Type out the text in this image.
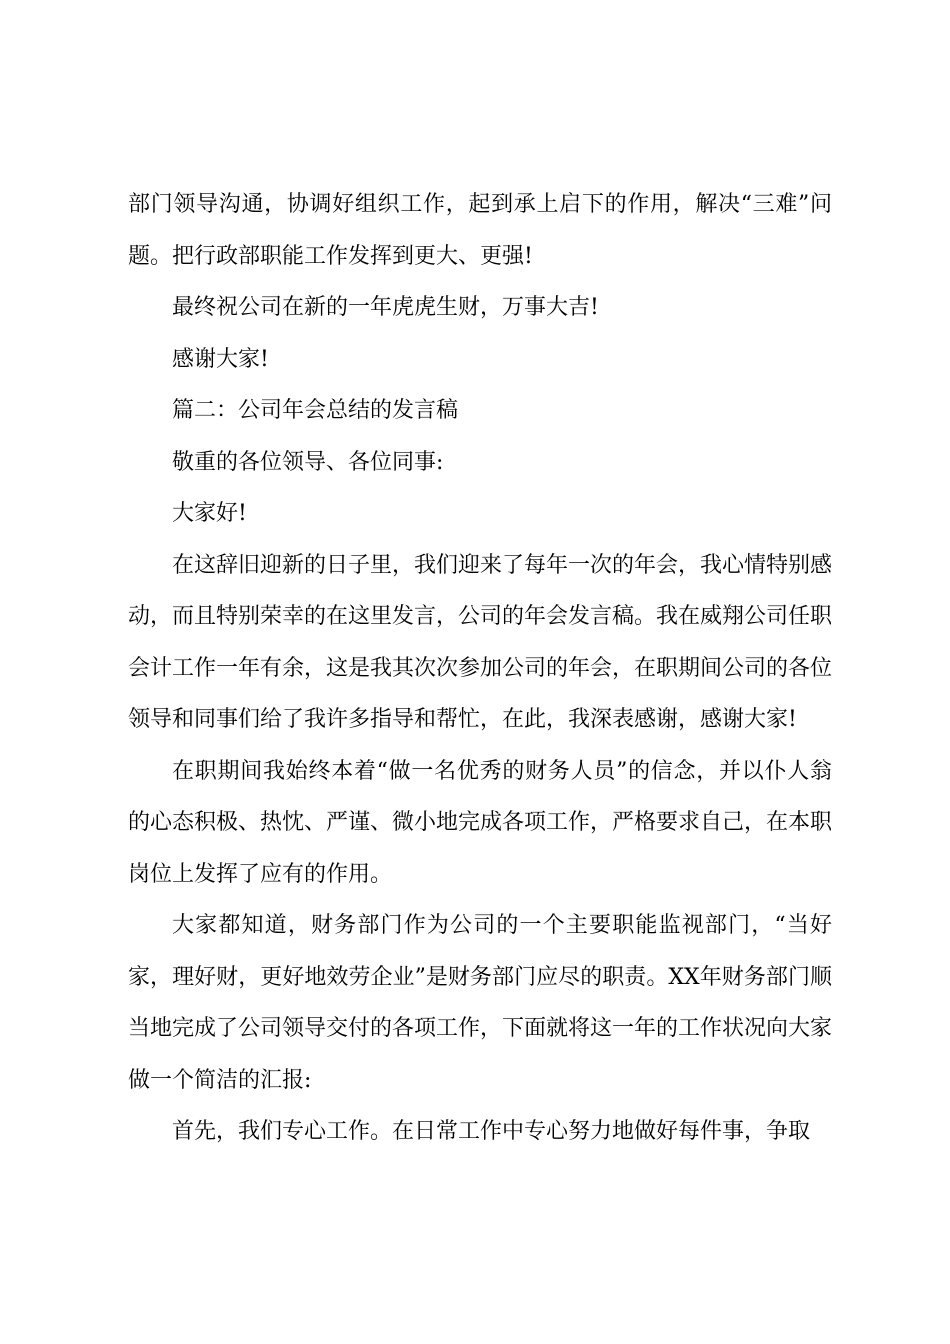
部门领导沟通，协调好组织工作，起到承上启下的作用，解决“三难”问题。把行政部职能工作发挥到更大、更强!

最终祝公司在新的一年虎虎生财，万事大吉!

感谢大家!

篇二：公司年会总结的发言稿

敬重的各位领导、各位同事:

大家好!

在这辞旧迎新的日子里，我们迎来了每年一次的年会，我心情特别感动，而且特别荣幸的在这里发言，公司的年会发言稿。我在威翔公司任职会计工作一年有余，这是我其次次参加公司的年会，在职期间公司的各位领导和同事们给了我许多指导和帮忙，在此，我深表感谢，感谢大家!

在职期间我始终本着“做一名优秀的财务人员”的信念，并以仆人翁的心态积极、热忱、严谨、微小地完成各项工作，严格要求自己，在本职岗位上发挥了应有的作用。

大家都知道，财务部门作为公司的一个主要职能监视部门，“当好家，理好财，更好地效劳企业”是财务部门应尽的职责。XX年财务部门顺当地完成了公司领导交付的各项工作，下面就将这一年的工作状况向大家做一个简洁的汇报:

首先，我们专心工作。在日常工作中专心努力地做好每件事，争取
